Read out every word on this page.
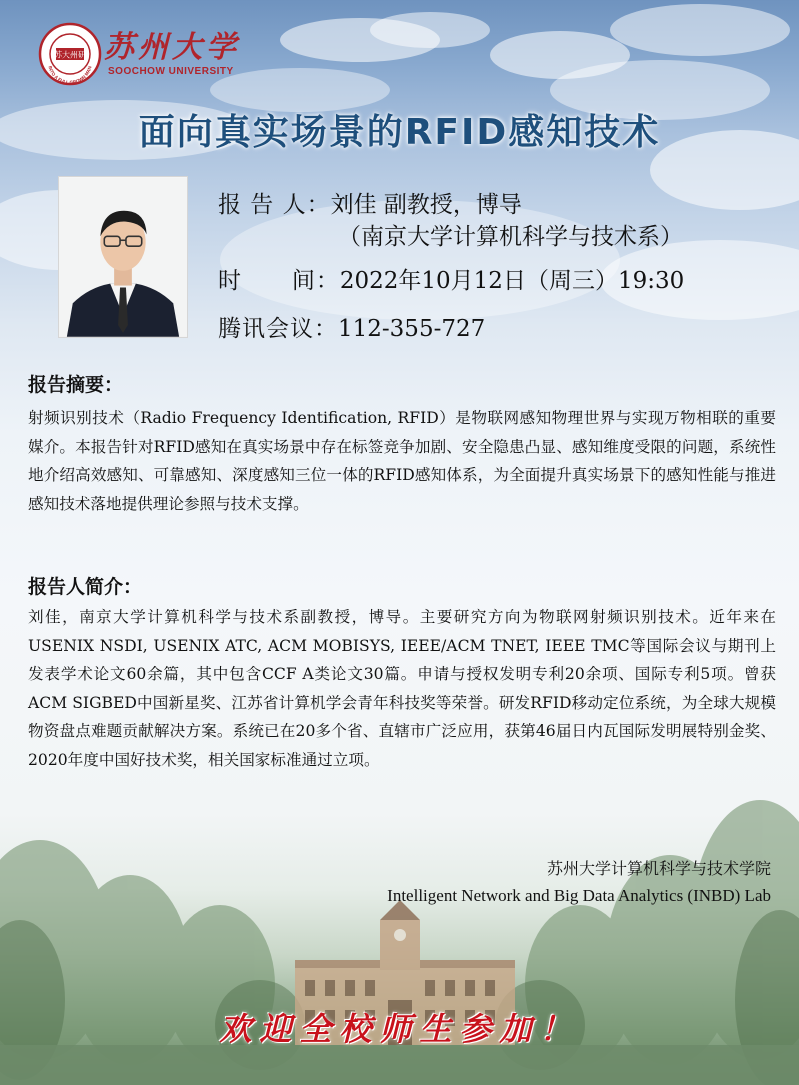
苏大州研
INTO A FULL GROWN MAN
苏州大学
SOOCHOW UNIVERSITY
面向真实场景的RFID感知技术
报 告 人：刘佳 副教授，博导
（南京大学计算机科学与技术系）
时      间：2022年10月12日（周三）19:30
腾讯会议：112-355-727
报告摘要：
射频识别技术（Radio Frequency Identification, RFID）是物联网感知物理世界与实现万物相联的重要媒介。本报告针对RFID感知在真实场景中存在标签竞争加剧、安全隐患凸显、感知维度受限的问题，系统性地介绍高效感知、可靠感知、深度感知三位一体的RFID感知体系，为全面提升真实场景下的感知性能与推进感知技术落地提供理论参照与技术支撑。
报告人简介：
刘佳，南京大学计算机科学与技术系副教授，博导。主要研究方向为物联网射频识别技术。近年来在USENIX NSDI, USENIX ATC, ACM MOBISYS, IEEE/ACM TNET, IEEE TMC等国际会议与期刊上发表学术论文60余篇，其中包含CCF A类论文30篇。申请与授权发明专利20余项、国际专利5项。曾获ACM SIGBED中国新星奖、江苏省计算机学会青年科技奖等荣誉。研发RFID移动定位系统，为全球大规模物资盘点难题贡献解决方案。系统已在20多个省、直辖市广泛应用，获第46届日内瓦国际发明展特别金奖、2020年度中国好技术奖，相关国家标准通过立项。
苏州大学计算机科学与技术学院
Intelligent Network and Big Data Analytics (INBD) Lab
欢迎全校师生参加！
